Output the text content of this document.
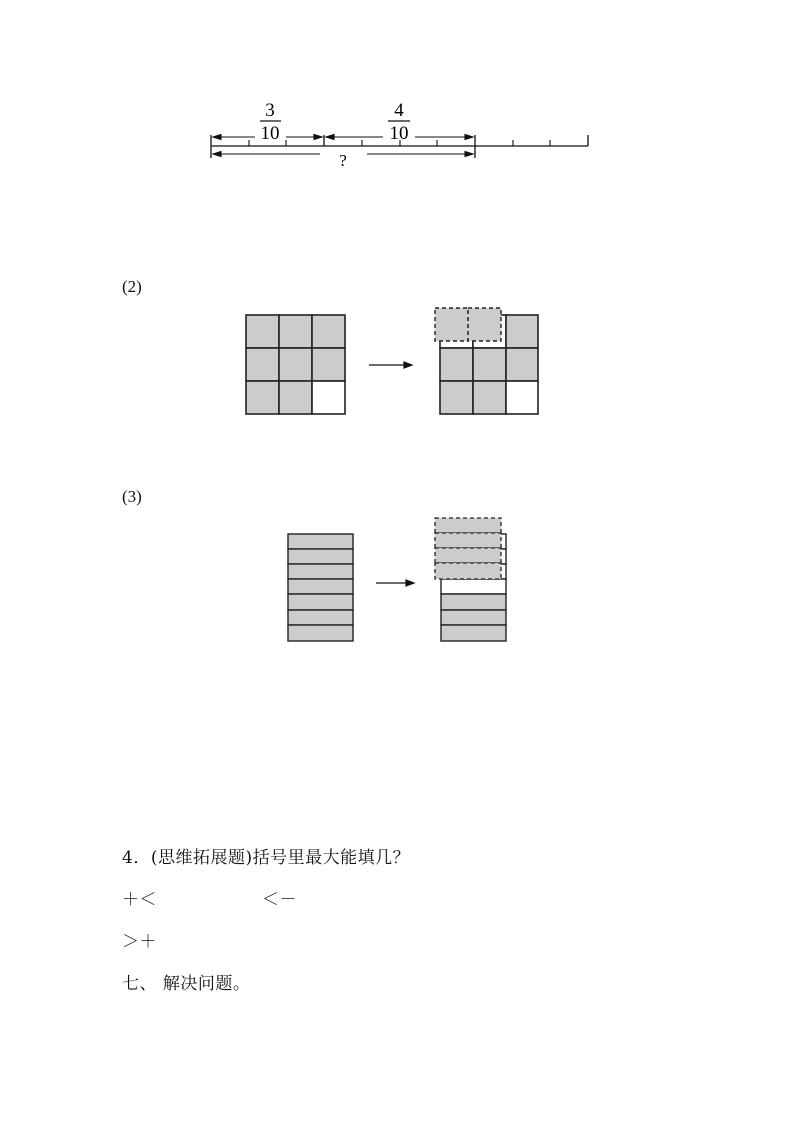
3
10
4
10
?
(2)
(3)
4．(思维拓展题)括号里最大能填几？
＋＜	＜－
＞＋
七、 解决问题。
